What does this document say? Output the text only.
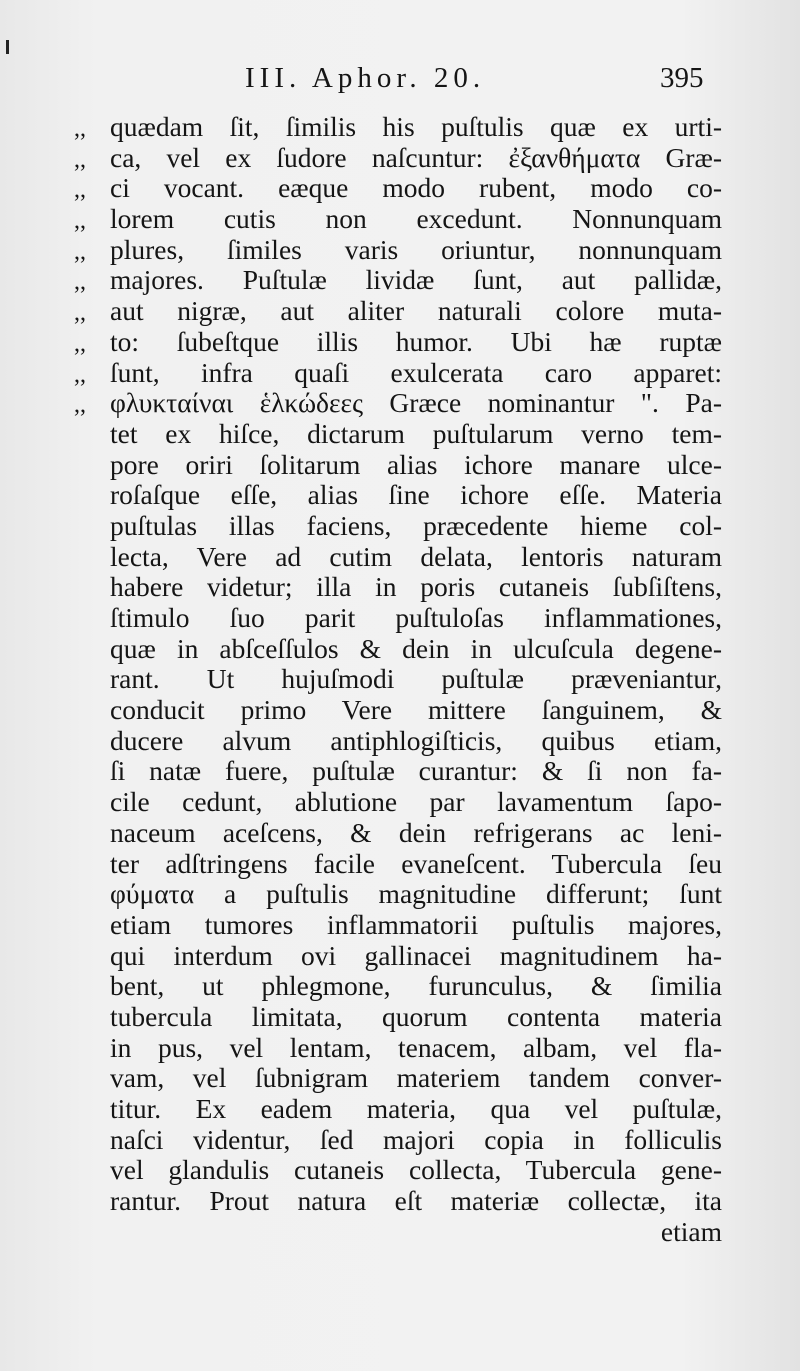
III. Aphor. 20.	395
,, quædam ſit, ſimilis his puſtulis quæ ex urti-
,, ca, vel ex ſudore naſcuntur: ἐξανθήματα Græ-
,, ci vocant. eæque modo rubent, modo co-
,, lorem cutis non excedunt. Nonnunquam
,, plures, ſimiles varis oriuntur, nonnunquam
,, majores. Puſtulæ lividæ ſunt, aut pallidæ,
,, aut nigræ, aut aliter naturali colore muta-
,, to: ſubeſtque illis humor. Ubi hæ ruptæ
,, ſunt, infra quaſi exulcerata caro apparet:
,, φλυκταίναι ἑλκώδεες Græce nominantur ". Pa-
tet ex hiſce, dictarum puſtularum verno tem-
pore oriri ſolitarum alias ichore manare ulce-
roſaſque eſſe, alias ſine ichore eſſe. Materia
puſtulas illas faciens, præcedente hieme col-
lecta, Vere ad cutim delata, lentoris naturam
habere videtur; illa in poris cutaneis ſubſiſtens,
ſtimulo ſuo parit puſtuloſas inflammationes,
quæ in abſceſſulos & dein in ulcuſcula degene-
rant. Ut hujuſmodi puſtulæ præveniantur,
conducit primo Vere mittere ſanguinem, &
ducere alvum antiphlogiſticis, quibus etiam,
ſi natæ fuere, puſtulæ curantur: & ſi non fa-
cile cedunt, ablutione par lavamentum ſapo-
naceum aceſcens, & dein refrigerans ac leni-
ter adſtringens facile evaneſcent. Tubercula ſeu
φύματα a puſtulis magnitudine differunt; ſunt
etiam tumores inflammatorii puſtulis majores,
qui interdum ovi gallinacei magnitudinem ha-
bent, ut phlegmone, furunculus, & ſimilia
tubercula limitata, quorum contenta materia
in pus, vel lentam, tenacem, albam, vel fla-
vam, vel ſubnigram materiem tandem conver-
titur. Ex eadem materia, qua vel puſtulæ,
naſci videntur, ſed majori copia in folliculis
vel glandulis cutaneis collecta, Tubercula gene-
rantur. Prout natura eſt materiæ collectæ, ita
etiam
